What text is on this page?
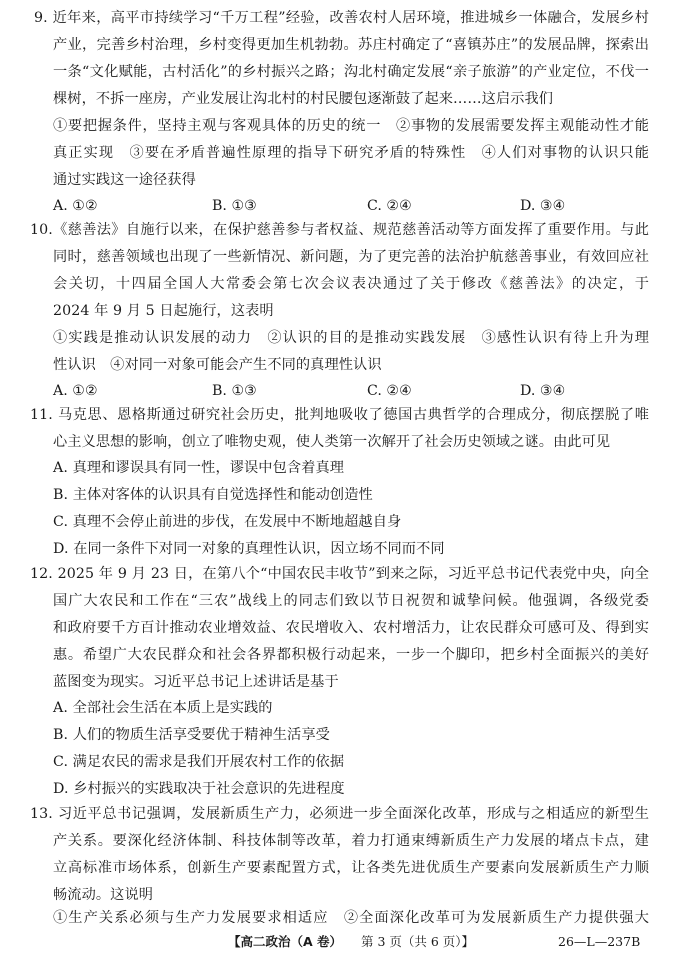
9. 近年来，高平市持续学习“千万工程”经验，改善农村人居环境，推进城乡一体融合，发展乡村
产业，完善乡村治理，乡村变得更加生机勃勃。苏庄村确定了“喜镇苏庄”的发展品牌，探索出
一条“文化赋能，古村活化”的乡村振兴之路；沟北村确定发展“亲子旅游”的产业定位，不伐一
棵树，不拆一座房，产业发展让沟北村的村民腰包逐渐鼓了起来……这启示我们
①要把握条件，坚持主观与客观具体的历史的统一　②事物的发展需要发挥主观能动性才能
真正实现　③要在矛盾普遍性原理的指导下研究矛盾的特殊性　④人们对事物的认识只能
通过实践这一途径获得
A. ①②	B. ①③	C. ②④	D. ③④
10.《慈善法》自施行以来，在保护慈善参与者权益、规范慈善活动等方面发挥了重要作用。与此
同时，慈善领域也出现了一些新情况、新问题，为了更完善的法治护航慈善事业，有效回应社
会关切，十四届全国人大常委会第七次会议表决通过了关于修改《慈善法》的决定，于
2024 年 9 月 5 日起施行，这表明
①实践是推动认识发展的动力　②认识的目的是推动实践发展　③感性认识有待上升为理
性认识　④对同一对象可能会产生不同的真理性认识
A. ①②	B. ①③	C. ②④	D. ③④
11. 马克思、恩格斯通过研究社会历史，批判地吸收了德国古典哲学的合理成分，彻底摆脱了唯
心主义思想的影响，创立了唯物史观，使人类第一次解开了社会历史领域之谜。由此可见
A. 真理和谬误具有同一性，谬误中包含着真理
B. 主体对客体的认识具有自觉选择性和能动创造性
C. 真理不会停止前进的步伐，在发展中不断地超越自身
D. 在同一条件下对同一对象的真理性认识，因立场不同而不同
12. 2025 年 9 月 23 日，在第八个“中国农民丰收节”到来之际，习近平总书记代表党中央，向全
国广大农民和工作在“三农”战线上的同志们致以节日祝贺和诚挚问候。他强调，各级党委
和政府要千方百计推动农业增效益、农民增收入、农村增活力，让农民群众可感可及、得到实
惠。希望广大农民群众和社会各界都积极行动起来，一步一个脚印，把乡村全面振兴的美好
蓝图变为现实。习近平总书记上述讲话是基于
A. 全部社会生活在本质上是实践的
B. 人们的物质生活享受要优于精神生活享受
C. 满足农民的需求是我们开展农村工作的依据
D. 乡村振兴的实践取决于社会意识的先进程度
13. 习近平总书记强调，发展新质生产力，必须进一步全面深化改革，形成与之相适应的新型生
产关系。要深化经济体制、科技体制等改革，着力打通束缚新质生产力发展的堵点卡点，建
立高标准市场体系，创新生产要素配置方式，让各类先进优质生产要素向发展新质生产力顺
畅流动。这说明
①生产关系必须与生产力发展要求相适应　②全面深化改革可为发展新质生产力提供强大
【高二政治（A 卷） 第 3 页（共 6 页）】	26—L—237B
